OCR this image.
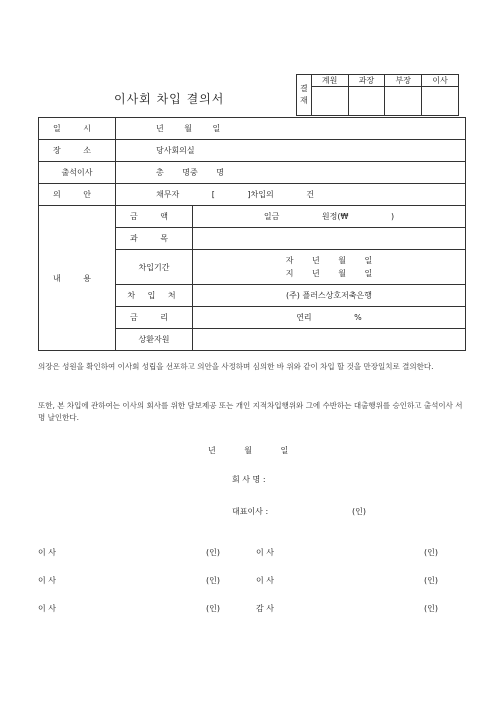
이사회 차입 결의서
결
재	계원	과장	부장	이사

일 시	년 월 일	
장 소	당사회의실	
출석이사	총 명중 명	
의 안	채무자 [ ]차입의 건	
내 용	금 액	일금 원정(₩ )
	과 목	
	차입기간	자 년 월 일
지 년 월 일

	차 입 처	(주) 플러스상호저축은행
	금 리	연리 %
	상환자원	
의장은 성원을 확인하여 이사회 성립을 선포하고 의안을 사정하며 심의한 바 위와 같이 차입 할 것을 만장일치로 결의한다.
또한, 본 차입에 관하여는 이사의 회사를 위한 담보제공 또는 개인 지적차입행위와 그에 수반하는 대출행위를 승인하고 출석이사 서명 날인한다.
년 월 일
회 사 명 :
대표이사 :	(인)
이 사	(인)	이 사	(인)
이 사	(인)	이 사	(인)
이 사	(인)	감 사	(인)
